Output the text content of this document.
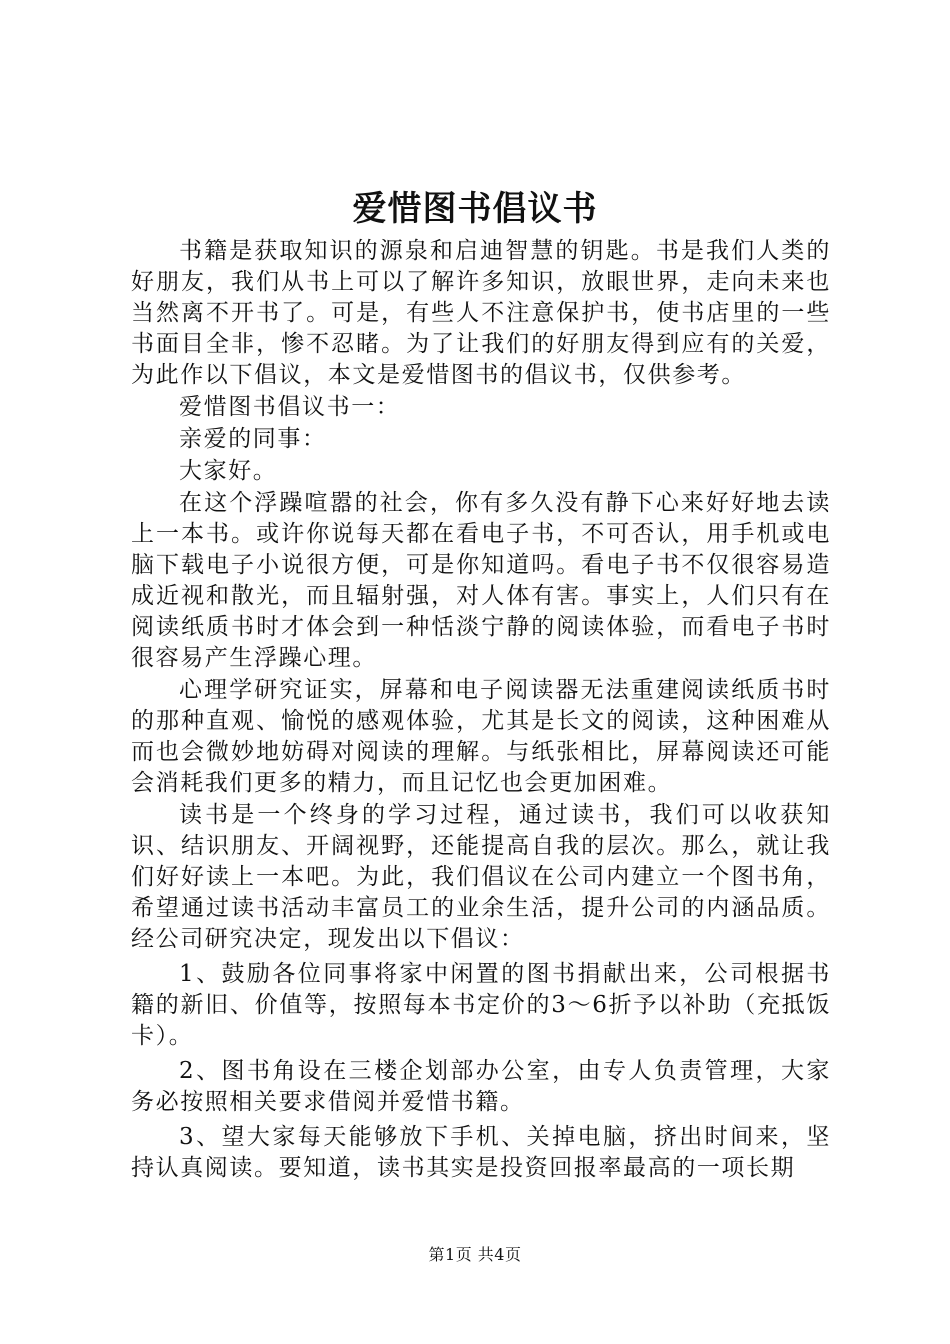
爱惜图书倡议书

书籍是获取知识的源泉和启迪智慧的钥匙。书是我们人类的好朋友，我们从书上可以了解许多知识，放眼世界，走向未来也当然离不开书了。可是，有些人不注意保护书，使书店里的一些书面目全非，惨不忍睹。为了让我们的好朋友得到应有的关爱，为此作以下倡议，本文是爱惜图书的倡议书，仅供参考。

爱惜图书倡议书一：

亲爱的同事：

大家好。

在这个浮躁喧嚣的社会，你有多久没有静下心来好好地去读上一本书。或许你说每天都在看电子书，不可否认，用手机或电脑下载电子小说很方便，可是你知道吗。看电子书不仅很容易造成近视和散光，而且辐射强，对人体有害。事实上，人们只有在阅读纸质书时才体会到一种恬淡宁静的阅读体验，而看电子书时很容易产生浮躁心理。

心理学研究证实，屏幕和电子阅读器无法重建阅读纸质书时的那种直观、愉悦的感观体验，尤其是长文的阅读，这种困难从而也会微妙地妨碍对阅读的理解。与纸张相比，屏幕阅读还可能会消耗我们更多的精力，而且记忆也会更加困难。

读书是一个终身的学习过程，通过读书，我们可以收获知识、结识朋友、开阔视野，还能提高自我的层次。那么，就让我们好好读上一本吧。为此，我们倡议在公司内建立一个图书角，希望通过读书活动丰富员工的业余生活，提升公司的内涵品质。经公司研究决定，现发出以下倡议：

1、鼓励各位同事将家中闲置的图书捐献出来，公司根据书籍的新旧、价值等，按照每本书定价的3～6折予以补助（充抵饭卡）。

2、图书角设在三楼企划部办公室，由专人负责管理，大家务必按照相关要求借阅并爱惜书籍。

3、望大家每天能够放下手机、关掉电脑，挤出时间来，坚持认真阅读。要知道，读书其实是投资回报率最高的一项长期

第1页 共4页
